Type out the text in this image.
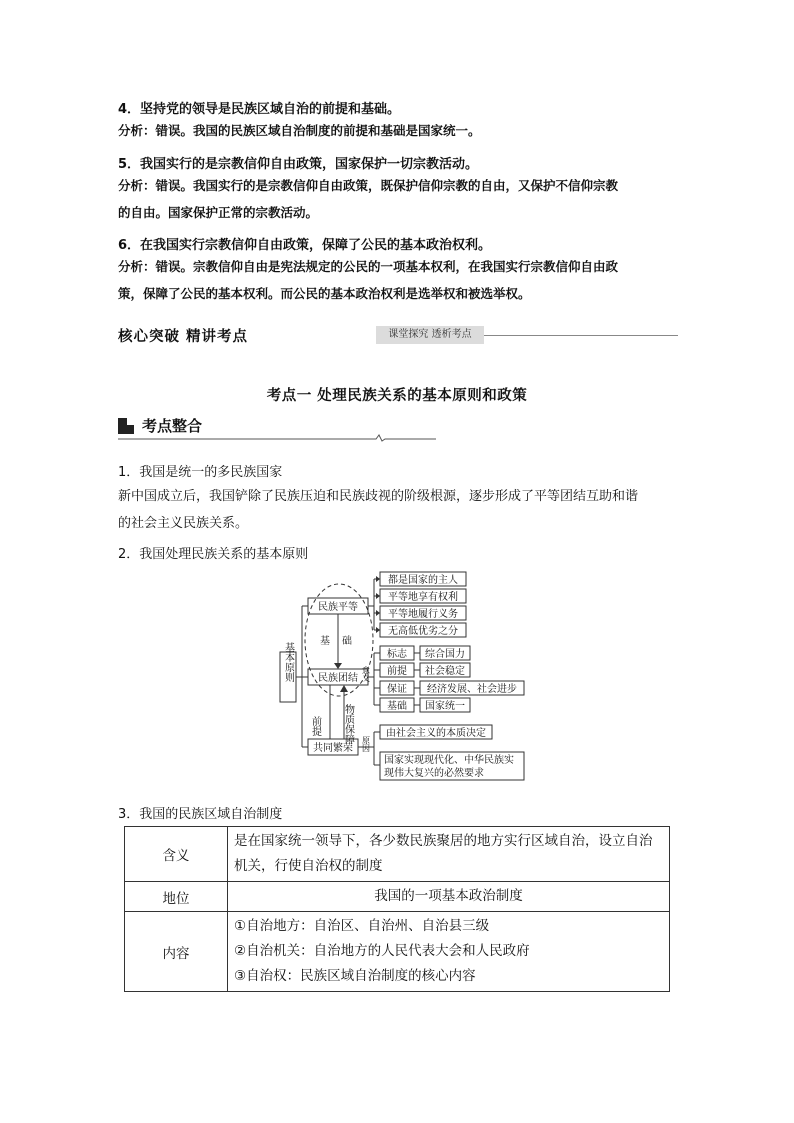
4．坚持党的领导是民族区域自治的前提和基础。
分析：错误。我国的民族区域自治制度的前提和基础是国家统一。
5．我国实行的是宗教信仰自由政策，国家保护一切宗教活动。
分析：错误。我国实行的是宗教信仰自由政策，既保护信仰宗教的自由，又保护不信仰宗教
的自由。国家保护正常的宗教活动。
6．在我国实行宗教信仰自由政策，保障了公民的基本政治权利。
分析：错误。宗教信仰自由是宪法规定的公民的一项基本权利，在我国实行宗教信仰自由政
策，保障了公民的基本权利。而公民的基本政治权利是选举权和被选举权。
核心突破 精讲考点	课堂探究 透析考点
考点一 处理民族关系的基本原则和政策
考点整合
1．我国是统一的多民族国家
新中国成立后，我国铲除了民族压迫和民族歧视的阶级根源，逐步形成了平等团结互助和谐
的社会主义民族关系。
2．我国处理民族关系的基本原则
基本原则
民族平等
民族团结
共同繁荣
基 础
前提 物质保障
意义
原因
都是国家的主人
平等地享有权利
平等地履行义务
无高低优劣之分
标志
前提
保证
基础
综合国力
社会稳定
经济发展、社会进步
国家统一
由社会主义的本质决定
国家实现现代化、中华民族实
现伟大复兴的必然要求
3．我国的民族区域自治制度
含义	是在国家统一领导下，各少数民族聚居的地方实行区域自治，设立自治
机关，行使自治权的制度

地位	我国的一项基本政治制度
内容	①自治地方：自治区、自治州、自治县三级
②自治机关：自治地方的人民代表大会和人民政府
③自治权：民族区域自治制度的核心内容
